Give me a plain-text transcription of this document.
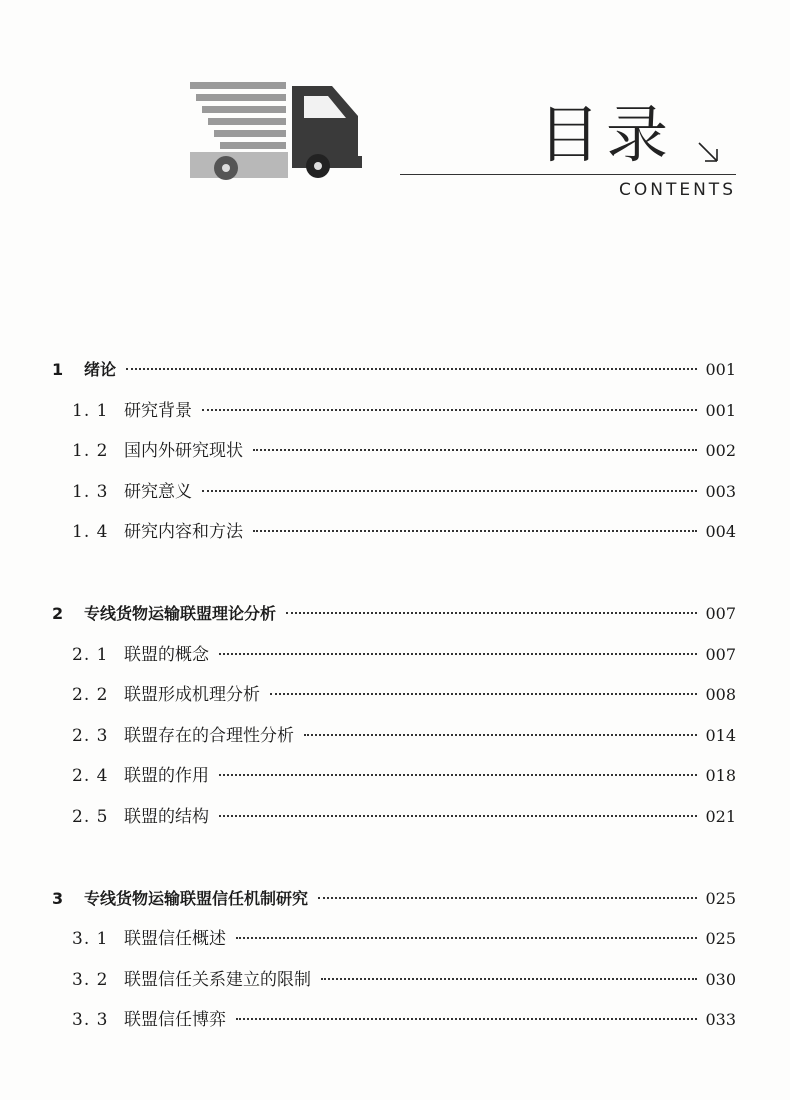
目录
CONTENTS
1	绪论	001
1. 1 研究背景	001
1. 2 国内外研究现状	002
1. 3 研究意义	003
1. 4 研究内容和方法	004
2	专线货物运输联盟理论分析	007
2. 1 联盟的概念	007
2. 2 联盟形成机理分析	008
2. 3 联盟存在的合理性分析	014
2. 4 联盟的作用	018
2. 5 联盟的结构	021
3	专线货物运输联盟信任机制研究	025
3. 1 联盟信任概述	025
3. 2 联盟信任关系建立的限制	030
3. 3 联盟信任博弈	033
